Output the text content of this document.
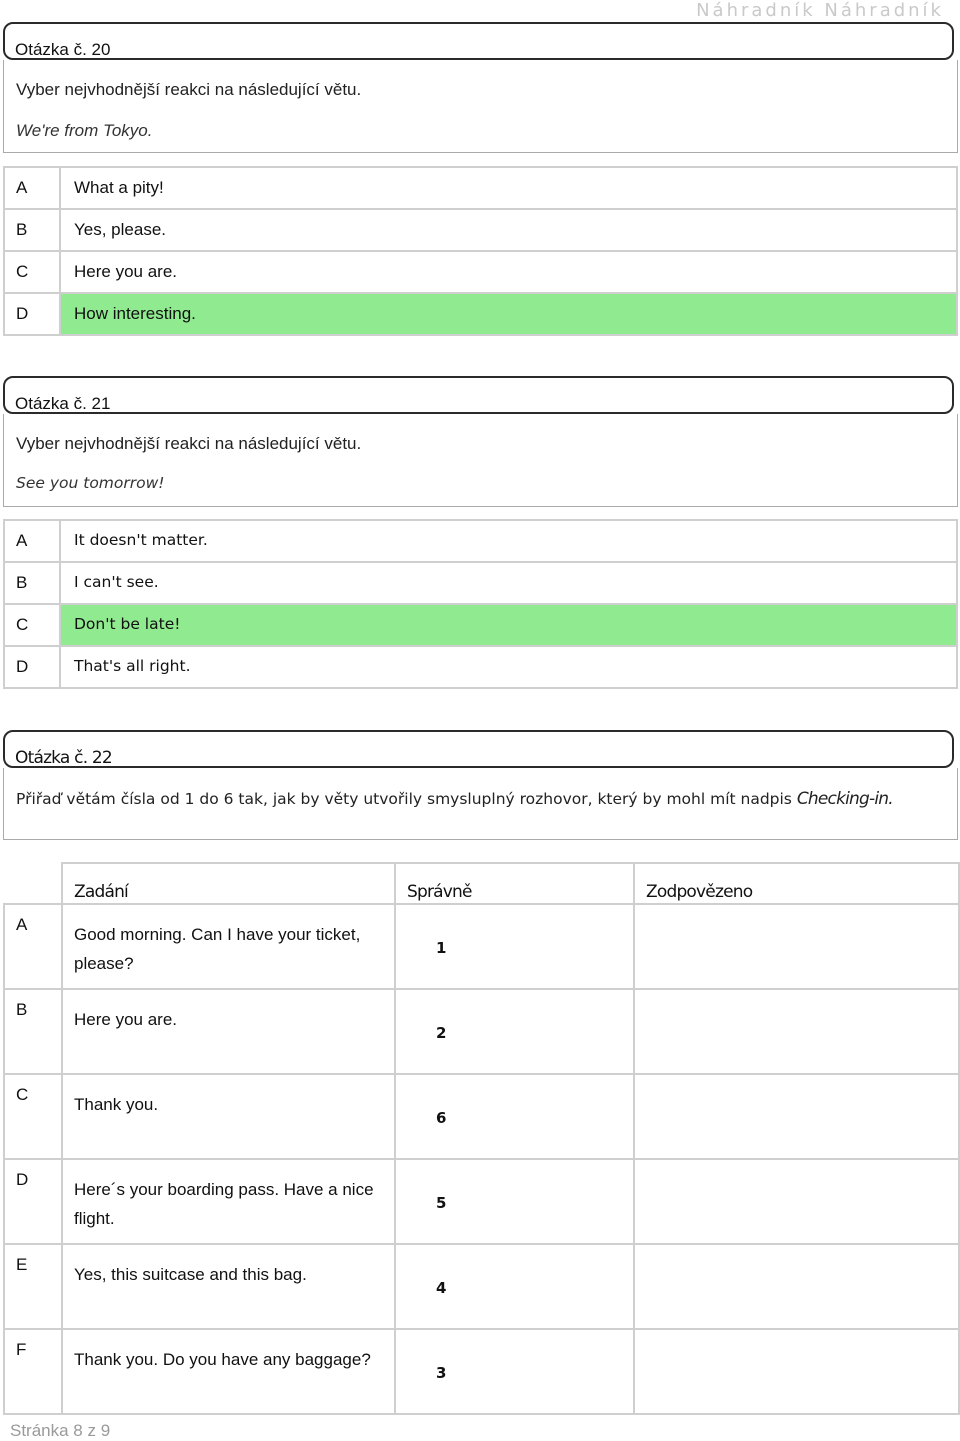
Náhradník Náhradník
Otázka č. 20
Vyber nejvhodnější reakci na následující větu.
We're from Tokyo.
A	What a pity!
B	Yes, please.
C	Here you are.
D	How interesting.
Otázka č. 21
Vyber nejvhodnější reakci na následující větu.
See you tomorrow!
A	It doesn't matter.
B	I can't see.
C	Don't be late!
D	That's all right.
Otázka č. 22
Přiřaď větám čísla od 1 do 6 tak, jak by věty utvořily smysluplný rozhovor, který by mohl mít nadpis Checking-in.
	Zadání	Správně	Zodpovězeno
A	Good morning. Can I have your ticket, please?	1	
B	Here you are.	2	
C	Thank you.	6	
D	Here´s your boarding pass. Have a nice flight.	5	
E	Yes, this suitcase and this bag.	4	
F	Thank you. Do you have any baggage?	3	
Stránka 8 z 9
